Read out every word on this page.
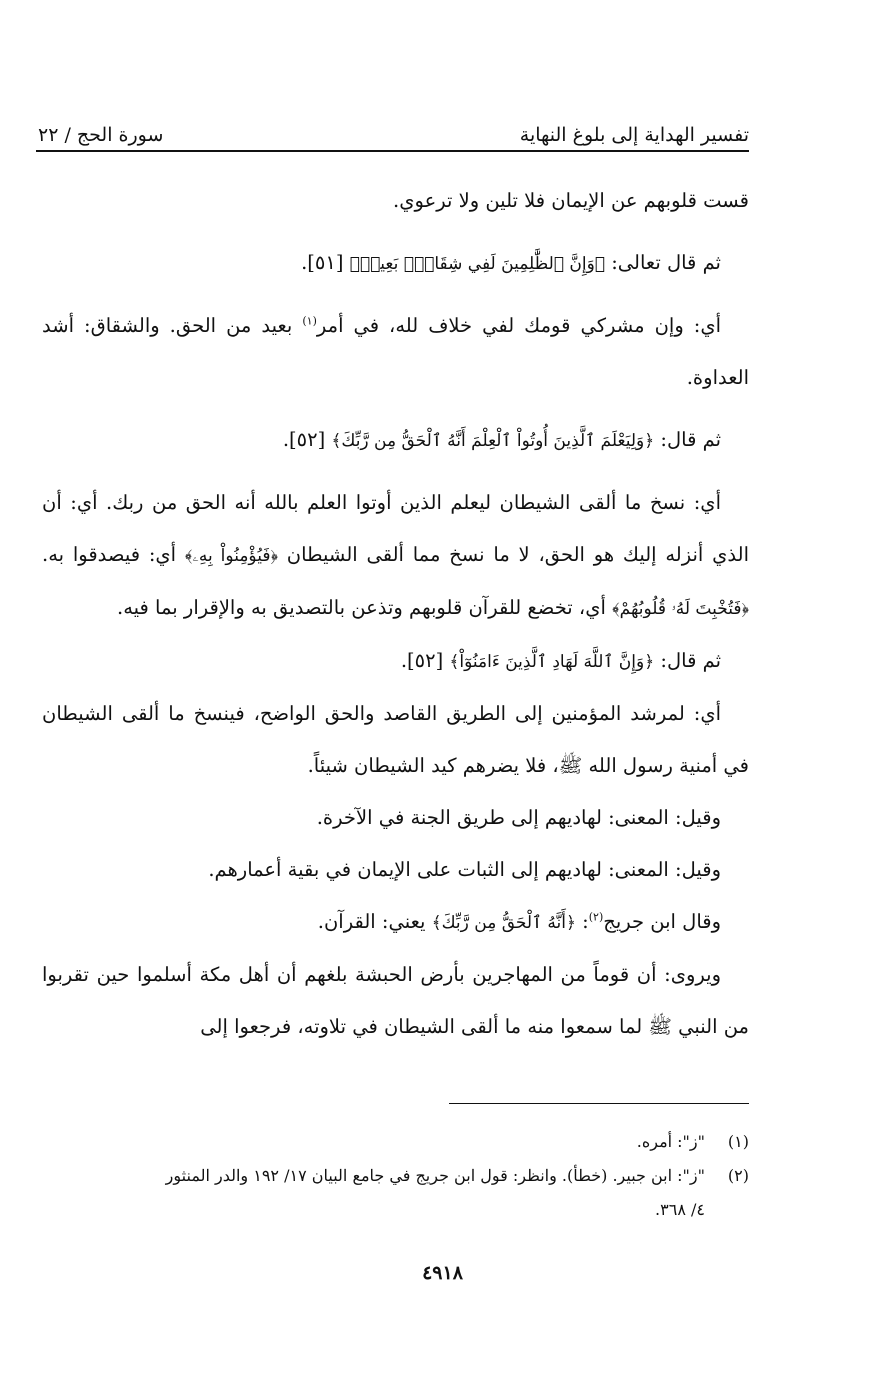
تفسير الهداية إلى بلوغ النهاية
سورة الحج / ٢٢

قست قلوبهم عن الإيمان فلا تلين ولا ترعوي.

ثم قال تعالى: ﴿وَإِنَّ ٱلظَّٰلِمِينَ لَفِي شِقَاقِۭ بَعِيدٖ﴾ [٥١].

أي: وإن مشركي قومك لفي خلاف لله، في أمر$^{(١)}$ بعيد من الحق. والشقاق: أشد العداوة.

ثم قال: ﴿وَلِيَعْلَمَ ٱلَّذِينَ أُوتُواْ ٱلْعِلْمَ أَنَّهُ ٱلْحَقُّ مِن رَّبِّكَ﴾ [٥٢].

أي: نسخ ما ألقى الشيطان ليعلم الذين أوتوا العلم بالله أنه الحق من ربك. أي: أن الذي أنزله إليك هو الحق، لا ما نسخ مما ألقى الشيطان ﴿فَيُؤْمِنُواْ بِهِۦ﴾ أي: فيصدقوا به. ﴿فَتُخْبِتَ لَهُۥ قُلُوبُهُمْ﴾ أي، تخضع للقرآن قلوبهم وتذعن بالتصديق به والإقرار بما فيه.

ثم قال: ﴿وَإِنَّ ٱللَّهَ لَهَادِ ٱلَّذِينَ ءَامَنُوٓاْ﴾ [٥٢].

أي: لمرشد المؤمنين إلى الطريق القاصد والحق الواضح، فينسخ ما ألقى الشيطان في أمنية رسول الله ﷺ، فلا يضرهم كيد الشيطان شيئاً.

وقيل: المعنى: لهاديهم إلى طريق الجنة في الآخرة.

وقيل: المعنى: لهاديهم إلى الثبات على الإيمان في بقية أعمارهم.

وقال ابن جريج$^{(٢)}$: ﴿أَنَّهُ ٱلْحَقُّ مِن رَّبِّكَ﴾ يعني: القرآن.

ويروى: أن قوماً من المهاجرين بأرض الحبشة بلغهم أن أهل مكة أسلموا حين تقربوا من النبي ﷺ لما سمعوا منه ما ألقى الشيطان في تلاوته، فرجعوا إلى

(١)
"ز": أمره.
(٢)
"ز": ابن جبير. (خطأ). وانظر: قول ابن جريج في جامع البيان ١٧/ ١٩٢ والدر المنثور
٤/ ٣٦٨.
٤٩١٨
